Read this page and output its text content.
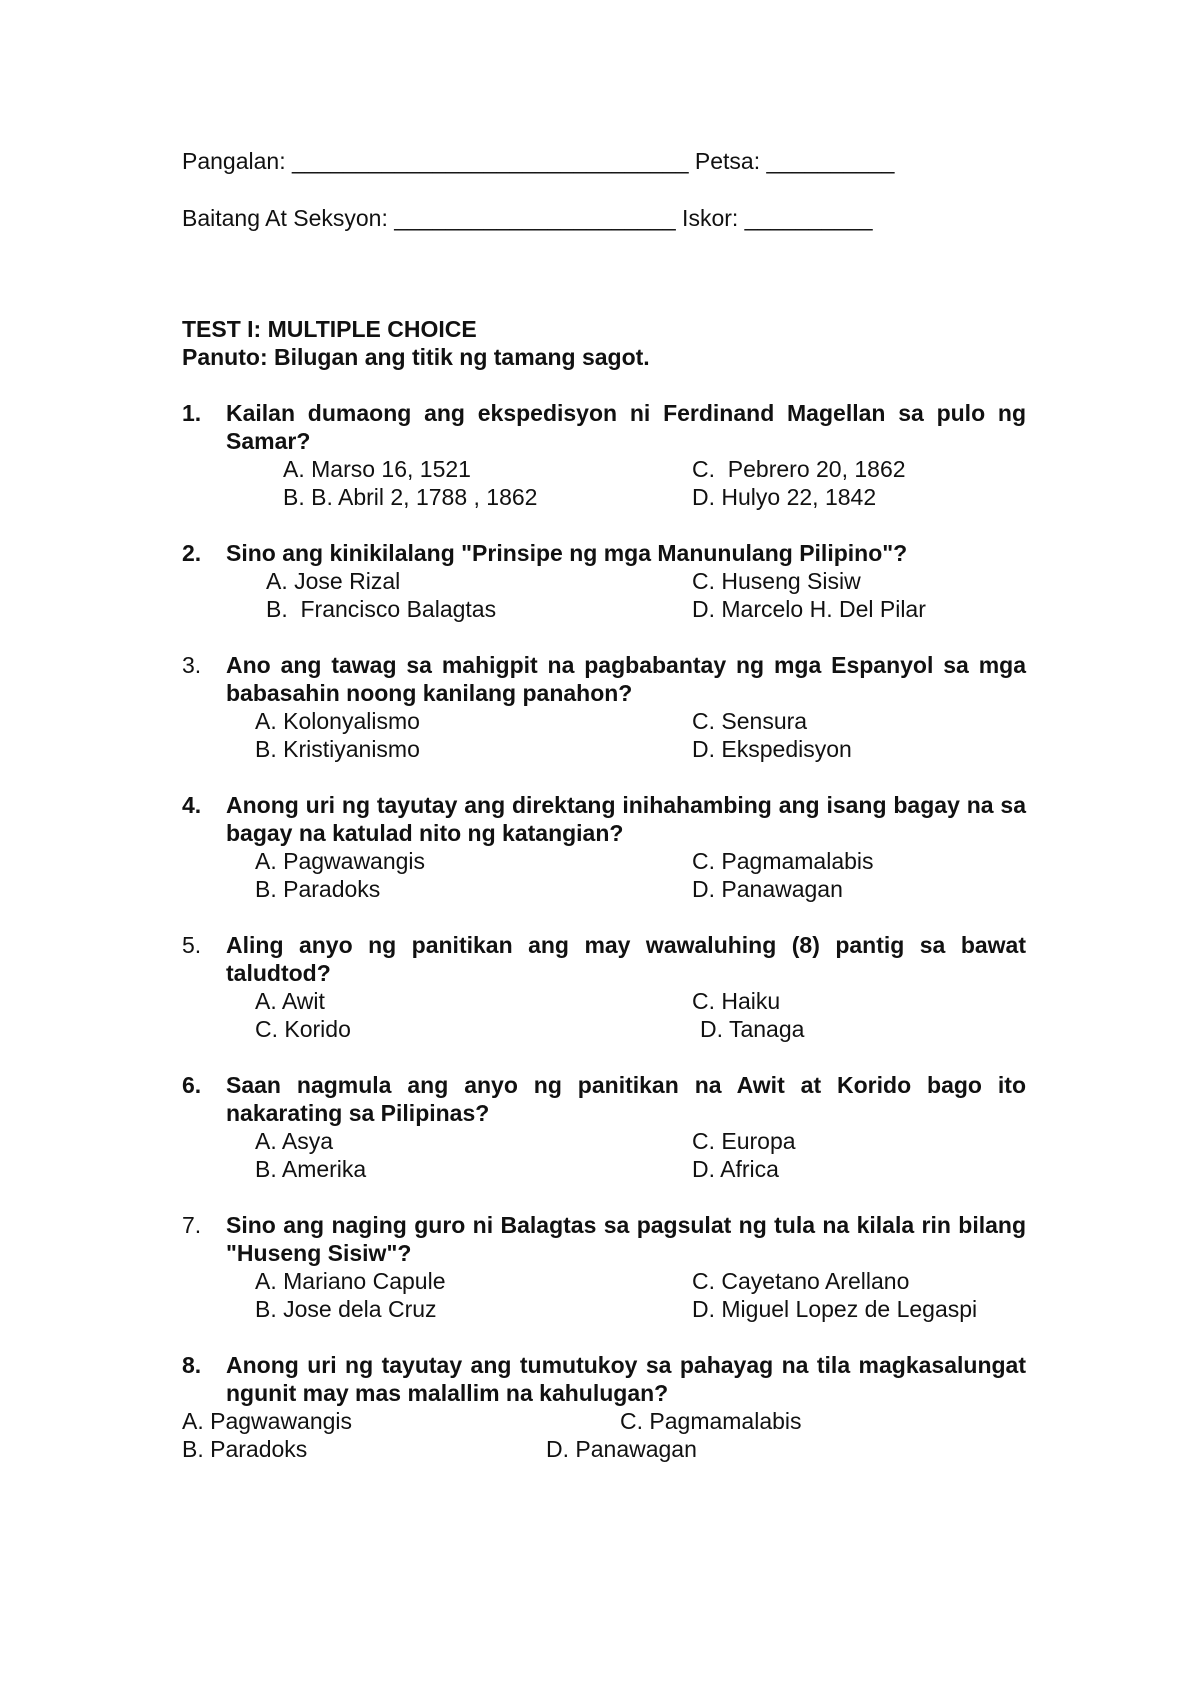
Pangalan: _______________________________ Petsa: __________
Baitang At Seksyon: ______________________ Iskor: __________
TEST I: MULTIPLE CHOICE
Panuto: Bilugan ang titik ng tamang sagot.
1. Kailan dumaong ang ekspedisyon ni Ferdinand Magellan sa pulo ng Samar?
A. Marso 16, 1521	C.  Pebrero 20, 1862
B. B. Abril 2, 1788 , 1862	D. Hulyo 22, 1842
2. Sino ang kinikilalang "Prinsipe ng mga Manunulang Pilipino"?
A. Jose Rizal	C. Huseng Sisiw
B.  Francisco Balagtas	D. Marcelo H. Del Pilar
3. Ano ang tawag sa mahigpit na pagbabantay ng mga Espanyol sa mga babasahin noong kanilang panahon?
A. Kolonyalismo	C. Sensura
B. Kristiyanismo	D. Ekspedisyon
4. Anong uri ng tayutay ang direktang inihahambing ang isang bagay na sa bagay na katulad nito ng katangian?
A. Pagwawangis	C. Pagmamalabis
B. Paradoks	D. Panawagan
5. Aling anyo ng panitikan ang may wawaluhing (8) pantig sa bawat taludtod?
A. Awit	C. Haiku
C. Korido	D. Tanaga
6. Saan nagmula ang anyo ng panitikan na Awit at Korido bago ito nakarating sa Pilipinas?
A. Asya	C. Europa
B. Amerika	D. Africa
7. Sino ang naging guro ni Balagtas sa pagsulat ng tula na kilala rin bilang "Huseng Sisiw"?
A. Mariano Capule	C. Cayetano Arellano
B. Jose dela Cruz	D. Miguel Lopez de Legaspi
8. Anong uri ng tayutay ang tumutukoy sa pahayag na tila magkasalungat ngunit may mas malallim na kahulugan?
A. Pagwawangis	C. Pagmamalabis
B. Paradoks	D. Panawagan
